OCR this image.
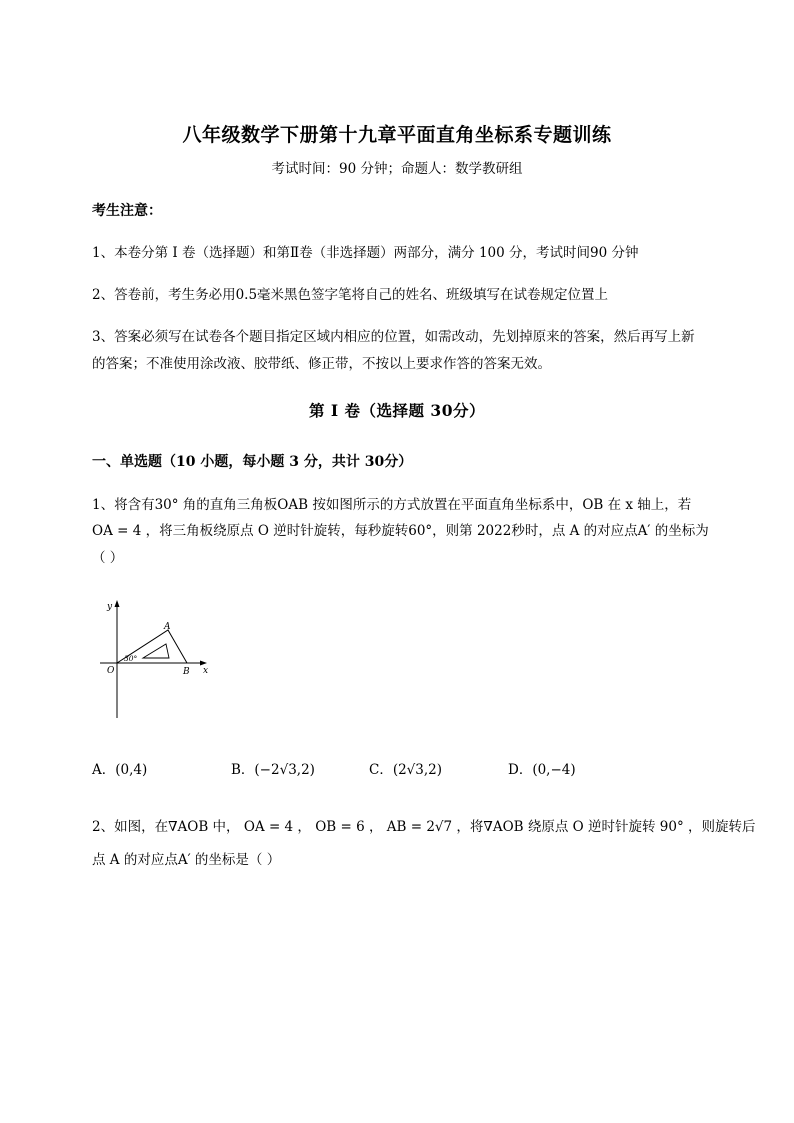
八年级数学下册第十九章平面直角坐标系专题训练
考试时间：90 分钟；命题人：数学教研组
考生注意：
1、本卷分第 I 卷（选择题）和第Ⅱ卷（非选择题）两部分，满分 100 分，考试时间90 分钟
2、答卷前，考生务必用0.5毫米黑色签字笔将自己的姓名、班级填写在试卷规定位置上
3、答案必须写在试卷各个题目指定区域内相应的位置，如需改动，先划掉原来的答案，然后再写上新
的答案；不准使用涂改液、胶带纸、修正带，不按以上要求作答的答案无效。
第 I 卷（选择题 30分）
一、单选题（10 小题，每小题 3 分，共计 30分）
1、将含有30° 角的直角三角板OAB 按如图所示的方式放置在平面直角坐标系中，OB 在 x 轴上，若
OA = 4 ，将三角板绕原点 O 逆时针旋转，每秒旋转60°，则第 2022秒时，点 A 的对应点A′ 的坐标为
（ ）
y
x
O
A
B
30°
A．(0,4)	B．(−2√3,2)	C．(2√3,2)	D．(0,−4)
2、如图，在∇AOB 中， OA = 4 ， OB = 6 ， AB = 2√7 ，将∇AOB 绕原点 O 逆时针旋转 90° ，则旋转后
点 A 的对应点A′ 的坐标是（ ）
